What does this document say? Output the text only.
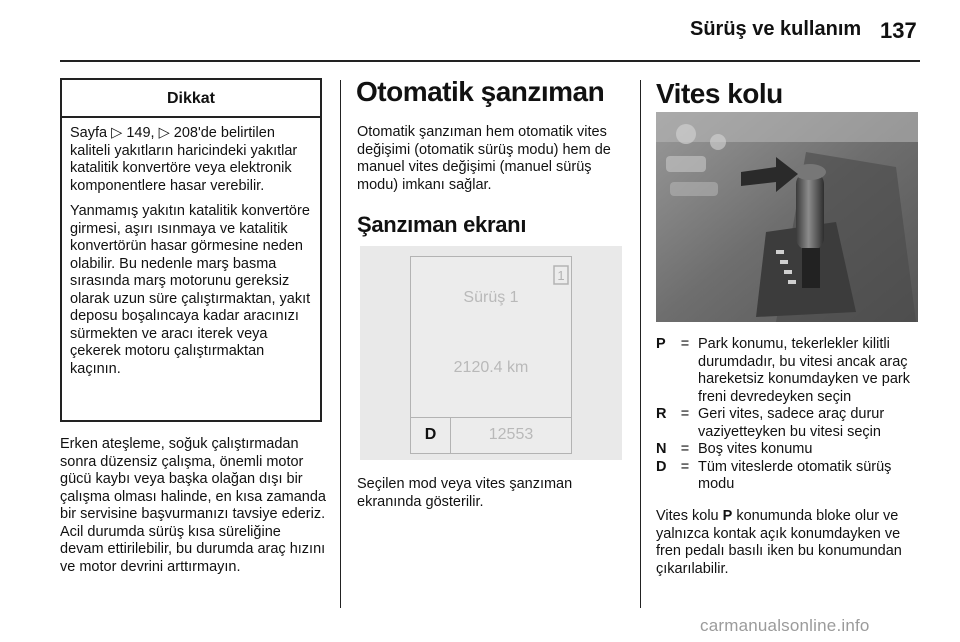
Sürüş ve kullanım 137
Dikkat

Sayfa ▷ 149, ▷ 208'de belirtilen kaliteli yakıtların haricindeki yakıtlar katalitik konvertöre veya elektronik komponentlere hasar verebilir.

Yanmamış yakıtın katalitik konvertöre girmesi, aşırı ısınmaya ve katalitik konvertörün hasar görmesine neden olabilir. Bu nedenle marş basma sırasında marş motorunu gereksiz olarak uzun süre çalıştırmaktan, yakıt deposu boşalıncaya kadar aracınızı sürmekten ve aracı iterek veya çekerek motoru çalıştırmaktan kaçının.

Erken ateşleme, soğuk çalıştırmadan sonra düzensiz çalışma, önemli motor gücü kaybı veya başka olağan dışı bir çalışma olması halinde, en kısa zamanda bir servisine başvurmanızı tavsiye ederiz. Acil durumda sürüş kısa süreliğine devam ettirilebilir, bu durumda araç hızını ve motor devrini arttırmayın.
Otomatik şanzıman
Otomatik şanzıman hem otomatik vites değişimi (otomatik sürüş modu) hem de manuel vites değişimi (manuel sürüş modu) imkanı sağlar.
Şanzıman ekranı
1
Sürüş 1
2120.4 km
D	12553
Seçilen mod veya vites şanzıman ekranında gösterilir.
Vites kolu
P	= Park konumu, tekerlekler kilitli durumdadır, bu vitesi ancak araç hareketsiz konumdayken ve park freni devredeyken seçin
R = Geri vites, sadece araç durur vaziyetteyken bu vitesi seçin
N = Boş vites konumu
D = Tüm viteslerde otomatik sürüş modu
Vites kolu P konumunda bloke olur ve yalnızca kontak açık konumdayken ve fren pedalı basılı iken bu konumundan çıkarılabilir.
carmanualsonline.info
